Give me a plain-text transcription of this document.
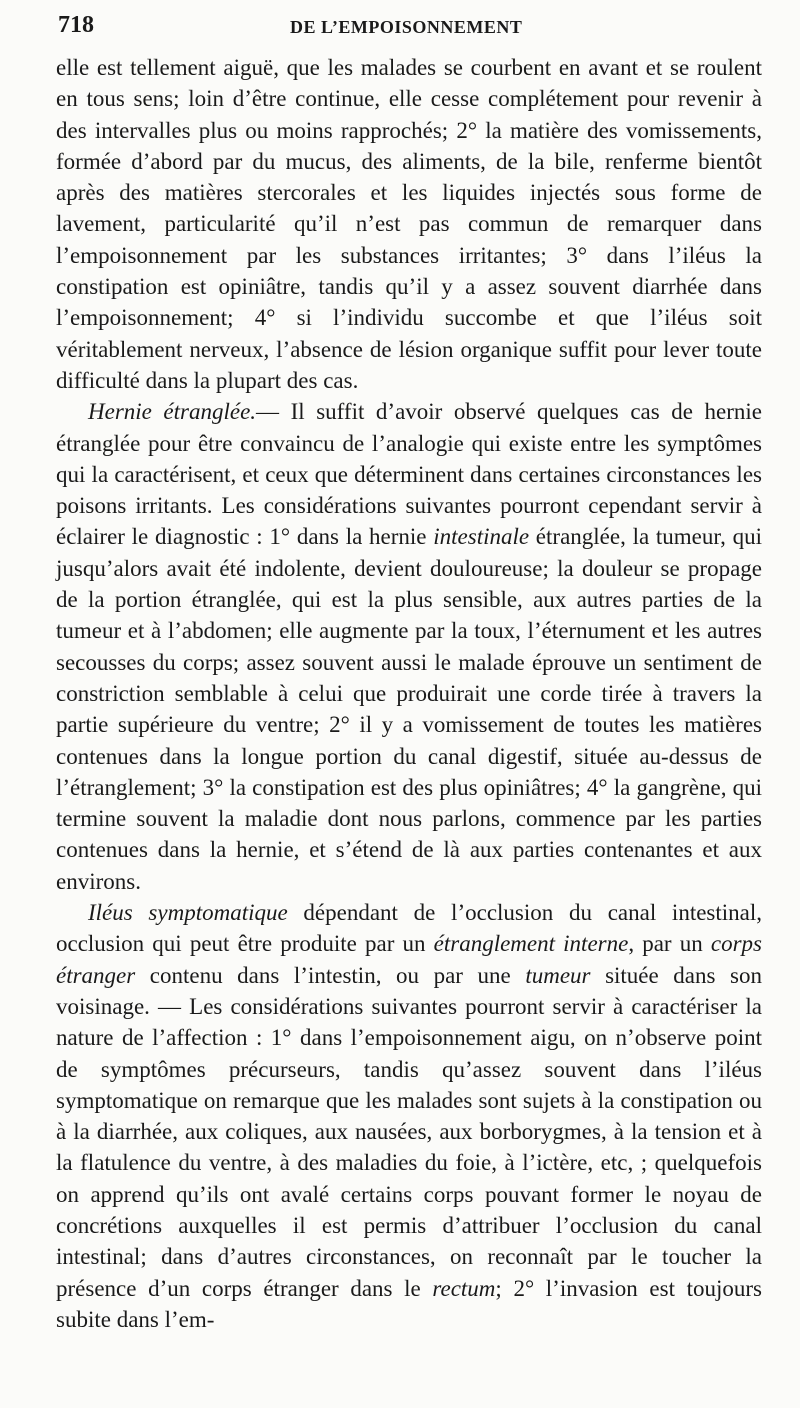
718	DE L’EMPOISONNEMENT

elle est tellement aiguë, que les malades se courbent en avant et se roulent en tous sens; loin d’être continue, elle cesse complétement pour revenir à des intervalles plus ou moins rapprochés; 2° la matière des vomissements, formée d’abord par du mucus, des aliments, de la bile, renferme bientôt après des matières stercorales et les liquides injectés sous forme de lavement, particularité qu’il n’est pas commun de remarquer dans l’empoisonnement par les substances irritantes; 3° dans l’iléus la constipation est opiniâtre, tandis qu’il y a assez souvent diarrhée dans l’empoisonnement; 4° si l’individu succombe et que l’iléus soit véritablement nerveux, l’absence de lésion organique suffit pour lever toute difficulté dans la plupart des cas.

Hernie étranglée.— Il suffit d’avoir observé quelques cas de hernie étranglée pour être convaincu de l’analogie qui existe entre les symptômes qui la caractérisent, et ceux que déterminent dans certaines circonstances les poisons irritants. Les considérations suivantes pourront cependant servir à éclairer le diagnostic : 1° dans la hernie intestinale étranglée, la tumeur, qui jusqu’alors avait été indolente, devient douloureuse; la douleur se propage de la portion étranglée, qui est la plus sensible, aux autres parties de la tumeur et à l’abdomen; elle augmente par la toux, l’éternument et les autres secousses du corps; assez souvent aussi le malade éprouve un sentiment de constriction semblable à celui que produirait une corde tirée à travers la partie supérieure du ventre; 2° il y a vomissement de toutes les matières contenues dans la longue portion du canal digestif, située au-dessus de l’étranglement; 3° la constipation est des plus opiniâtres; 4° la gangrène, qui termine souvent la maladie dont nous parlons, commence par les parties contenues dans la hernie, et s’étend de là aux parties contenantes et aux environs.

Iléus symptomatique dépendant de l’occlusion du canal intestinal, occlusion qui peut être produite par un étranglement interne, par un corps étranger contenu dans l’intestin, ou par une tumeur située dans son voisinage. — Les considérations suivantes pourront servir à caractériser la nature de l’affection : 1° dans l’empoisonnement aigu, on n’observe point de symptômes précurseurs, tandis qu’assez souvent dans l’iléus symptomatique on remarque que les malades sont sujets à la constipation ou à la diarrhée, aux coliques, aux nausées, aux borborygmes, à la tension et à la flatulence du ventre, à des maladies du foie, à l’ictère, etc, ; quelquefois on apprend qu’ils ont avalé certains corps pouvant former le noyau de concrétions auxquelles il est permis d’attribuer l’occlusion du canal intestinal; dans d’autres circonstances, on reconnaît par le toucher la présence d’un corps étranger dans le rectum; 2° l’invasion est toujours subite dans l’em-
